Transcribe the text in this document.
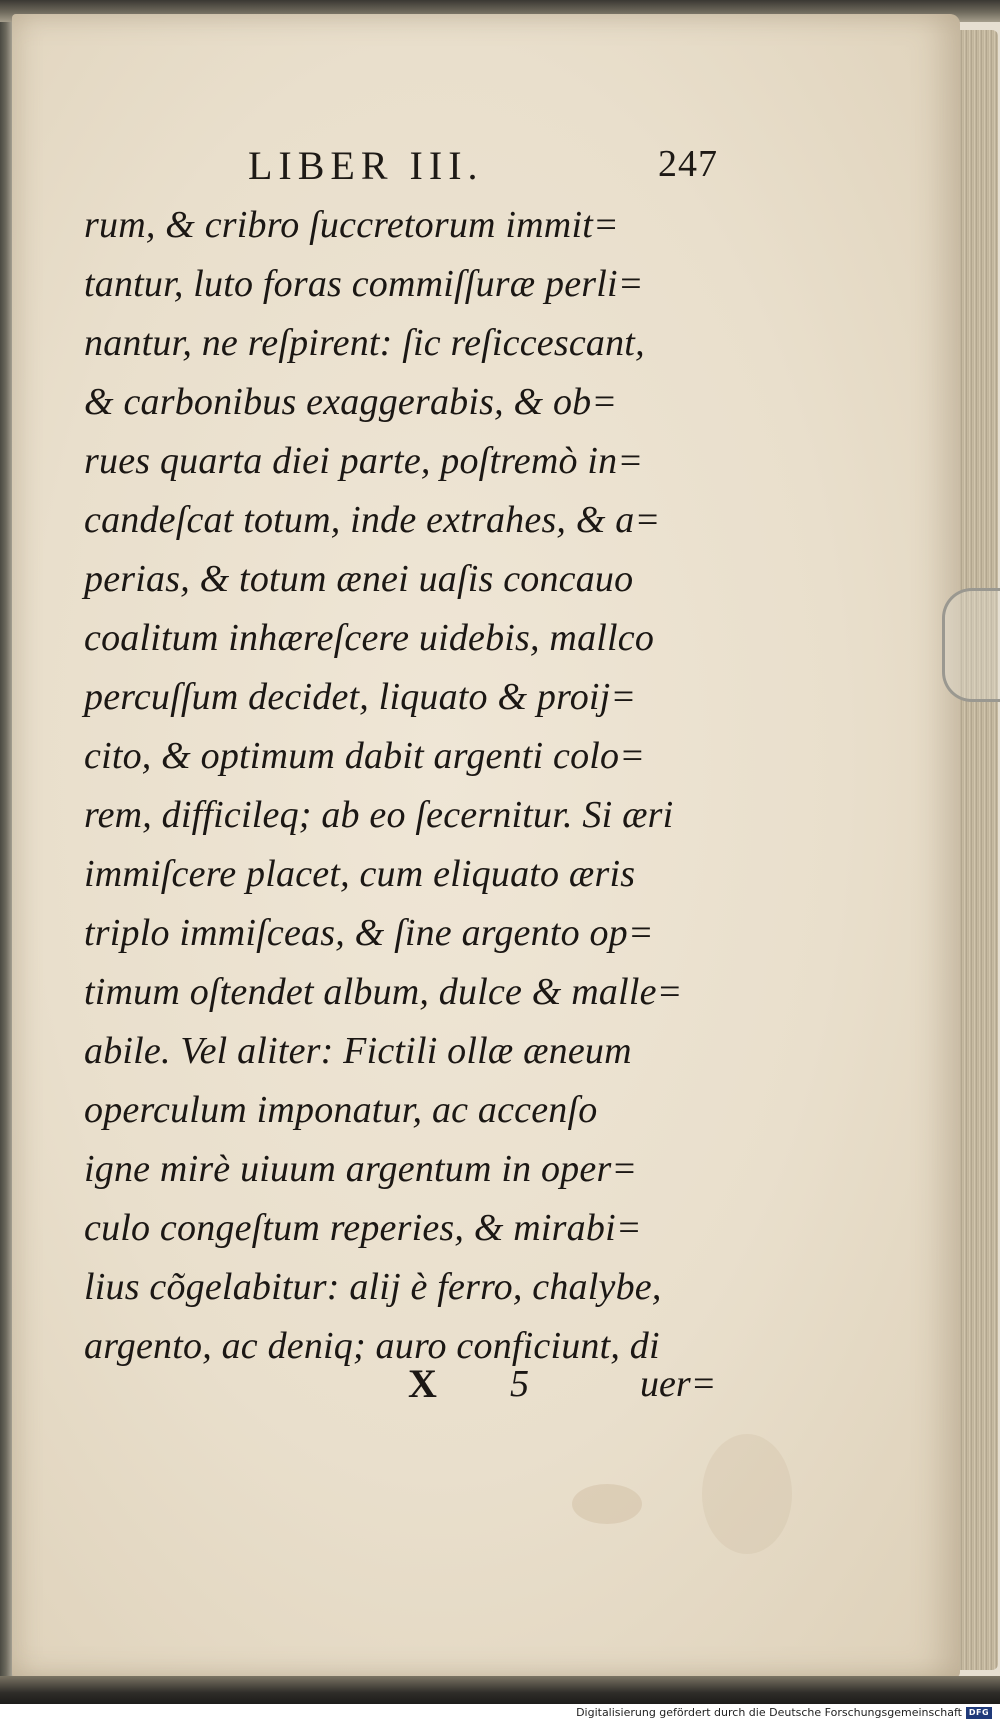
LIBER III.	247
rum, & cribro ſuccretorum immit=
tantur, luto foras commiſſuræ perli=
nantur, ne reſpirent: ſic reſiccescant,
& carbonibus exaggerabis, & ob=
rues quarta diei parte, poſtremò in=
candeſcat totum, inde extrahes, & a=
perias, & totum ænei uaſis concauo
coalitum inhæreſcere uidebis, mallco
percuſſum decidet, liquato & proij=
cito, & optimum dabit argenti colo=
rem, difficileq; ab eo ſecernitur. Si æri
immiſcere placet, cum eliquato æris
triplo immiſceas, & ſine argento op=
timum oſtendet album, dulce & malle=
abile. Vel aliter: Fictili ollæ æneum
operculum imponatur, ac accenſo
igne mirè uiuum argentum in oper=
culo congeſtum reperies, & mirabi=
lius cõgelabitur: alij è ferro, chalybe,
argento, ac deniq; auro conficiunt, di
X 5	uer=
Digitalisierung gefördert durch die Deutsche Forschungsgemeinschaft DFG
